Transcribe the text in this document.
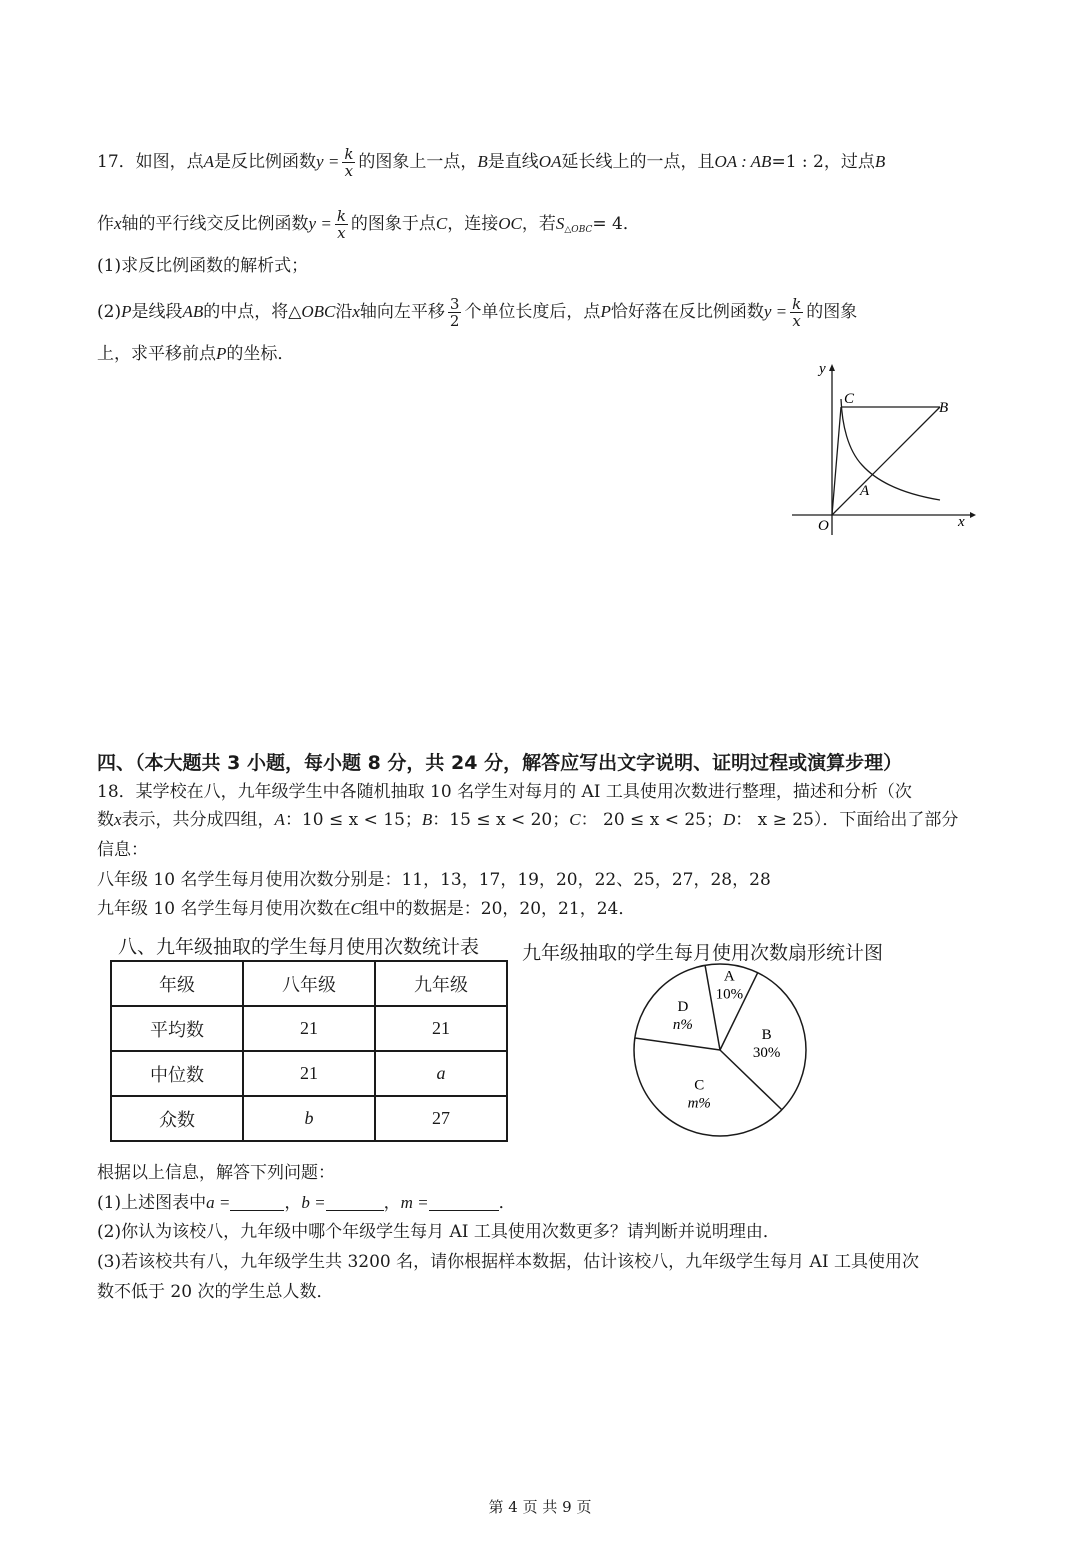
17．如图，点A是反比例函数$y = \frac{k}{x}$ 的图象上一点，B是直线OA延长线上的一点，且OA : AB=1 : 2，过点B
作x轴的平行线交反比例函数$y = \frac{k}{x}$ 的图象于点C，连接OC，若$S_{\triangle OBC}= 4$．
(1)求反比例函数的解析式；
(2)P是线段AB的中点，将△OBC沿x轴向左平移 $\frac{3}{2}$ 个单位长度后，点P恰好落在反比例函数$y = \frac{k}{x}$ 的图象
上，求平移前点P的坐标．
y
x
O
C
B
A
四、（本大题共 3 小题，每小题 8 分，共 24 分，解答应写出文字说明、证明过程或演算步理）
18．某学校在八，九年级学生中各随机抽取 10 名学生对每月的 AI 工具使用次数进行整理，描述和分析（次
数x表示，共分成四组，A：10 ≤ x < 15；B：15 ≤ x < 20；C： 20 ≤ x < 25；D： x ≥ 25）．下面给出了部分
信息：
八年级 10 名学生每月使用次数分别是：11，13，17，19，20，22、25，27，28，28
九年级 10 名学生每月使用次数在C组中的数据是：20，20，21，24．
八、九年级抽取的学生每月使用次数统计表
年级	八年级	九年级
平均数	21	21
中位数	21	a
众数	b	27
九年级抽取的学生每月使用次数扇形统计图
A
10%
B
30%
C
m%
D
n%
根据以上信息，解答下列问题：
(1)上述图表中a =	，b =	，m =	．
(2)你认为该校八，九年级中哪个年级学生每月 AI 工具使用次数更多？请判断并说明理由．
(3)若该校共有八，九年级学生共 3200 名，请你根据样本数据，估计该校八，九年级学生每月 AI 工具使用次
数不低于 20 次的学生总人数．
第 4 页 共 9 页
